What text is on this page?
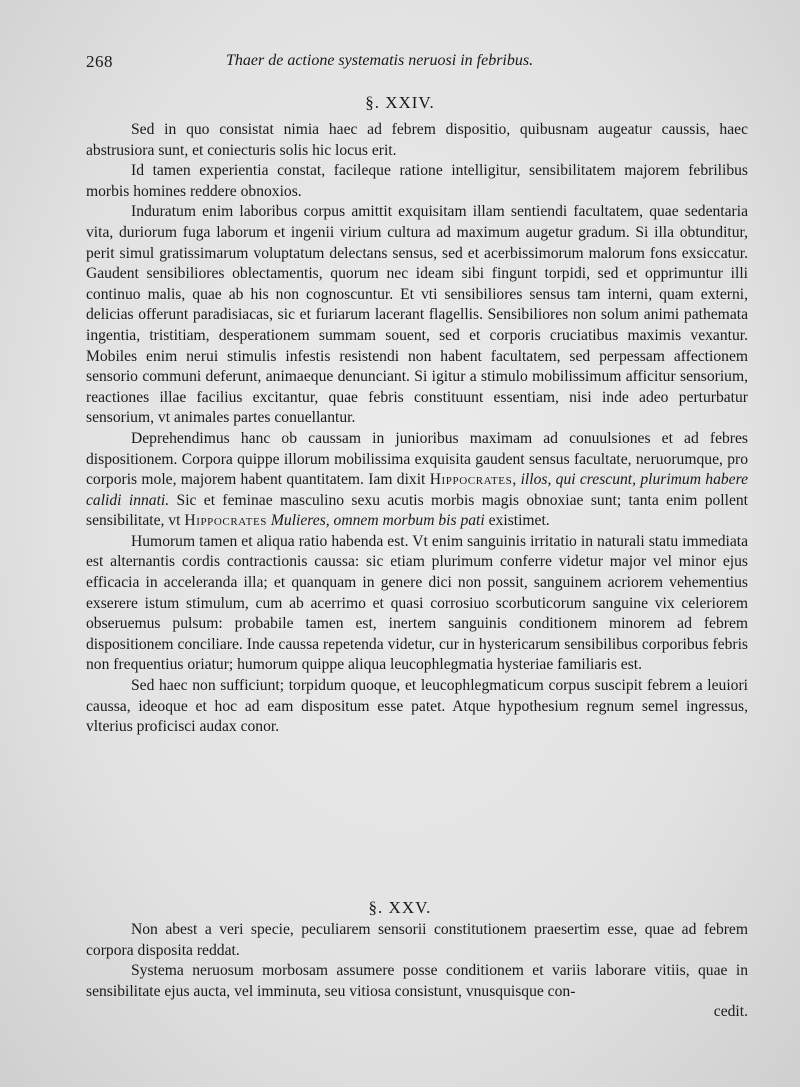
268	Thaer de actione systematis neruosi in febribus.
§. XXIV.

Sed in quo consistat nimia haec ad febrem dispositio, quibusnam augeatur caussis, haec abstrusiora sunt, et coniecturis solis hic locus erit.

Id tamen experientia constat, facileque ratione intelligitur, sensibilitatem majorem febrilibus morbis homines reddere obnoxios.

Induratum enim laboribus corpus amittit exquisitam illam sentiendi facultatem, quae sedentaria vita, duriorum fuga laborum et ingenii virium cultura ad maximum augetur gradum. Si illa obtunditur, perit simul gratissimarum voluptatum delectans sensus, sed et acerbissimorum malorum fons exsiccatur. Gaudent sensibiliores oblectamentis, quorum nec ideam sibi fingunt torpidi, sed et opprimuntur illi continuo malis, quae ab his non cognoscuntur. Et vti sensibiliores sensus tam interni, quam externi, delicias offerunt paradisiacas, sic et furiarum lacerant flagellis. Sensibiliores non solum animi pathemata ingentia, tristitiam, desperationem summam souent, sed et corporis cruciatibus maximis vexantur. Mobiles enim nerui stimulis infestis resistendi non habent facultatem, sed perpessam affectionem sensorio communi deferunt, animaeque denunciant. Si igitur a stimulo mobilissimum afficitur sensorium, reactiones illae facilius excitantur, quae febris constituunt essentiam, nisi inde adeo perturbatur sensorium, vt animales partes conuellantur.

Deprehendimus hanc ob caussam in junioribus maximam ad conuulsiones et ad febres dispositionem. Corpora quippe illorum mobilissima exquisita gaudent sensus facultate, neruorumque, pro corporis mole, majorem habent quantitatem. Iam dixit Hippocrates, illos, qui crescunt, plurimum habere calidi innati. Sic et feminae masculino sexu acutis morbis magis obnoxiae sunt; tanta enim pollent sensibilitate, vt Hippocrates Mulieres, omnem morbum bis pati existimet.

Humorum tamen et aliqua ratio habenda est. Vt enim sanguinis irritatio in naturali statu immediata est alternantis cordis contractionis caussa: sic etiam plurimum conferre videtur major vel minor ejus efficacia in acceleranda illa; et quanquam in genere dici non possit, sanguinem acriorem vehementius exserere istum stimulum, cum ab acerrimo et quasi corrosiuo scorbuticorum sanguine vix celeriorem obseruemus pulsum: probabile tamen est, inertem sanguinis conditionem minorem ad febrem dispositionem conciliare. Inde caussa repetenda videtur, cur in hystericarum sensibilibus corporibus febris non frequentius oriatur; humorum quippe aliqua leucophlegmatia hysteriae familiaris est.

Sed haec non sufficiunt; torpidum quoque, et leucophlegmaticum corpus suscipit febrem a leuiori caussa, ideoque et hoc ad eam dispositum esse patet. Atque hypothesium regnum semel ingressus, vlterius proficisci audax conor.

§. XXV.

Non abest a veri specie, peculiarem sensorii constitutionem praesertim esse, quae ad febrem corpora disposita reddat.

Systema neruosum morbosam assumere posse conditionem et variis laborare vitiis, quae in sensibilitate ejus aucta, vel imminuta, seu vitiosa consistunt, vnusquisque con-

cedit.
